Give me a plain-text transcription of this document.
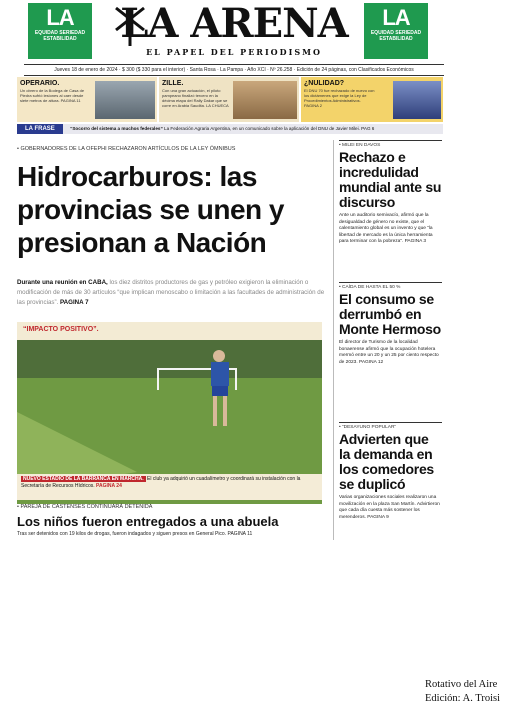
LA
EQUIDAD SERIEDAD ESTABILIDAD
LA
EQUIDAD SERIEDAD ESTABILIDAD
LA ARENA
EL PAPEL DEL PERIODISMO
Jueves 18 de enero de 2024 · $ 300 ($ 330 para el interior) · Santa Rosa · La Pampa · Año XCI · Nº 26.258 · Edición de 24 páginas, con Clasificados Económicos
OPERARIO.
Un obrero de la Bodega de Casa de Piedra sufrió lesiones al caer desde siete metros de altura. PAGINA 11
ZILLE.
Con una gran actuación, el piloto pampeano finalizó tercero en la décima etapa del Rally Dakar que se corre en Arabia Saudita. LA CHUECA
¿NULIDAD?
El DNU 70 fue rechazado de nuevo con los dictámenes que exige la Ley de Procedimientos Administrativos. PAGINA 2
LA FRASE	“Socorro del sistema a muchos federales” La Federación Agraria Argentina, en un comunicado sobre la aplicación del DNU de Javier Milei. PAG 6
• GOBERNADORES DE LA OFEPHI RECHAZARON ARTÍCULOS DE LA LEY ÓMNIBUS
Hidrocarburos: las provincias se unen y presionan a Nación
Durante una reunión en CABA, los diez distritos productores de gas y petróleo exigieron la eliminación o modificación de más de 30 artículos “que implican menoscabo o limitación a las facultades de administración de las provincias”. PAGINA 7
“IMPACTO POSITIVO”.
NUEVO ESTADIO DE LA BARRANCA EN MARCHA. El club ya adquirió un cuadalímetro y coordinará su instalación con la Secretaría de Recursos Hídricos. PAGINA 24
• PAREJA DE CASTENSES CONTINUARÁ DETENIDA
Los niños fueron entregados a una abuela
Tras ser detenidos con 19 kilos de drogas, fueron indagados y siguen presos en General Pico. PAGINA 11
• MILEI EN DAVOS
Rechazo e incredulidad mundial ante su discurso
Ante un auditorio semivacío, afirmó que la desigualdad de género no existe, que el calentamiento global es un invento y que “la libertad de mercado es la única herramienta para terminar con la pobreza”. PAGINA 3
• CAÍDA DE HASTA EL 50 %
El consumo se derrumbó en Monte Hermoso
El director de Turismo de la localidad bonaerense afirmó que la ocupación hotelera mermó entre un 20 y un 25 por ciento respecto de 2023. PAGINA 12
• “DESAYUNO POPULAR”
Advierten que la demanda en los comedores se duplicó
Varias organizaciones sociales realizaron una movilización en la plaza San Martín. Advirtieron que cada día cuesta más sostener los merenderos. PAGINA 9
Rotativo del Aire
Edición: A. Troisi
